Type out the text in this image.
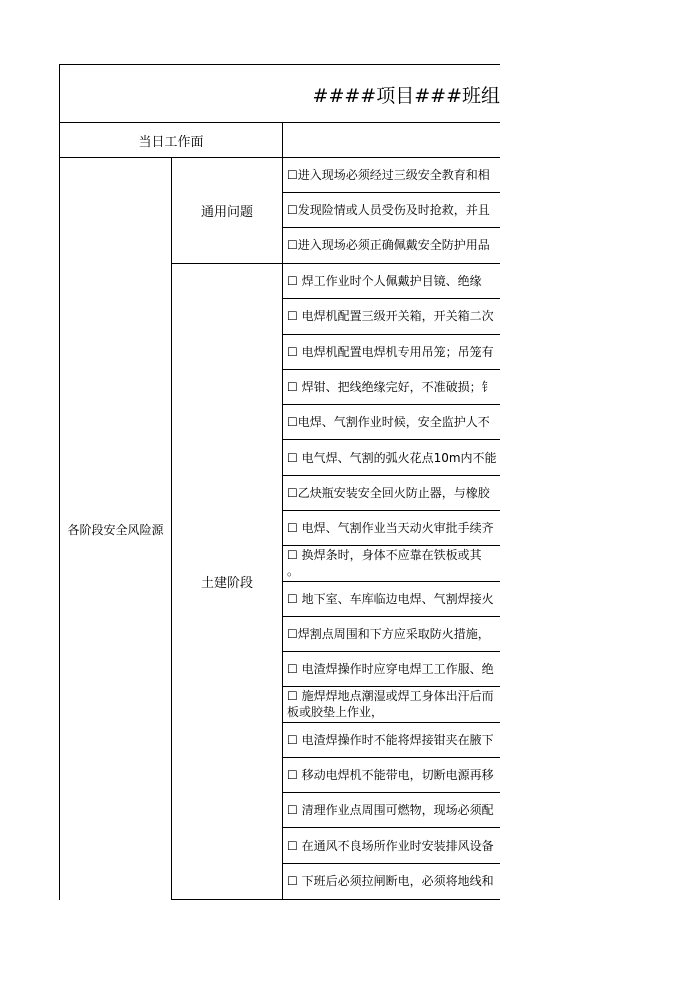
####项目###班组
当日工作面
各阶段安全风险源
通用问题
土建阶段
☐进入现场必须经过三级安全教育和相
☐发现险情或人员受伤及时抢救，并且
☐进入现场必须正确佩戴安全防护用品
☐ 焊工作业时个人佩戴护目镜、绝缘
☐ 电焊机配置三级开关箱，开关箱二次
☐ 电焊机配置电焊机专用吊笼；吊笼有
☐ 焊钳、把线绝缘完好，不准破损；钅
☐电焊、气割作业时候，安全监护人不
☐ 电气焊、气割的弧火花点10m内不能
☐乙炔瓶安装安全回火防止器，与橡胶
☐ 电焊、气割作业当天动火审批手续齐
☐ 换焊条时，身体不应靠在铁板或其
。
☐ 地下室、车库临边电焊、气割焊接火
☐焊割点周围和下方应采取防火措施，
☐ 电渣焊操作时应穿电焊工工作服、绝
☐ 施焊焊地点潮湿或焊工身体出汗后而
板或胶垫上作业，
☐ 电渣焊操作时不能将焊接钳夹在腋下
☐ 移动电焊机不能带电，切断电源再移
☐ 清理作业点周围可燃物，现场必须配
☐ 在通风不良场所作业时安装排风设备
☐ 下班后必须拉闸断电，必须将地线和
